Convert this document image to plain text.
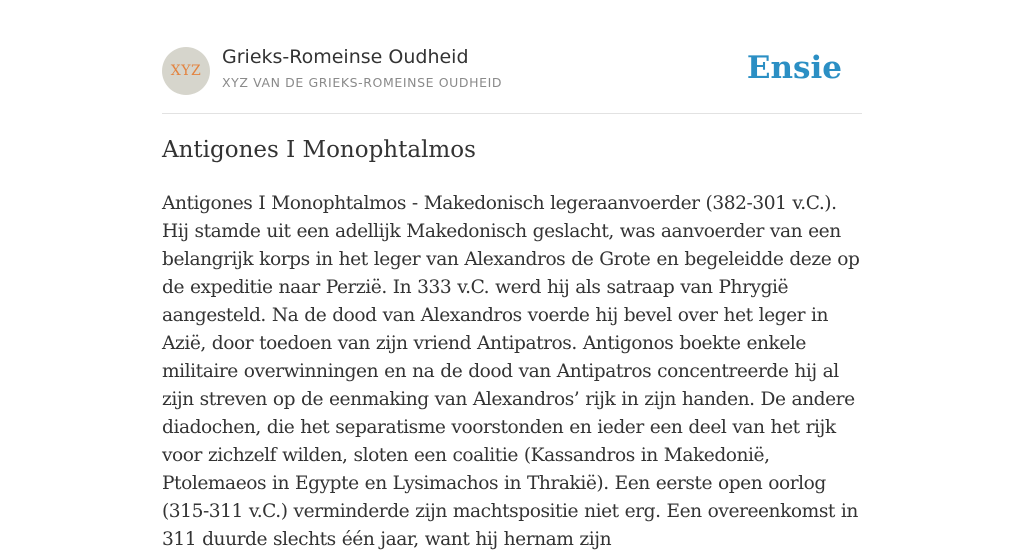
XYZ
Grieks-Romeinse Oudheid
XYZ VAN DE GRIEKS-ROMEINSE OUDHEID	Ensie
Antigones I Monophtalmos

Antigones I Monophtalmos - Makedonisch legeraanvoerder (382-301 v.C.). Hij stamde uit een adellijk Makedonisch geslacht, was aanvoerder van een belangrijk korps in het leger van Alexandros de Grote en begeleidde deze op de expeditie naar Perzië. In 333 v.C. werd hij als satraap van Phrygië aangesteld. Na de dood van Alexandros voerde hij bevel over het leger in Azië, door toedoen van zijn vriend Antipatros. Antigonos boekte enkele militaire overwinningen en na de dood van Antipatros concentreerde hij al zijn streven op de eenmaking van Alexandros’ rijk in zijn handen. De andere diadochen, die het separatisme voorstonden en ieder een deel van het rijk voor zichzelf wilden, sloten een coalitie (Kassandros in Makedonië, Ptolemaeos in Egypte en Lysimachos in Thrakië). Een eerste open oorlog (315-311 v.C.) verminderde zijn machtspositie niet erg. Een overeenkomst in 311 duurde slechts één jaar, want hij hernam zijn
